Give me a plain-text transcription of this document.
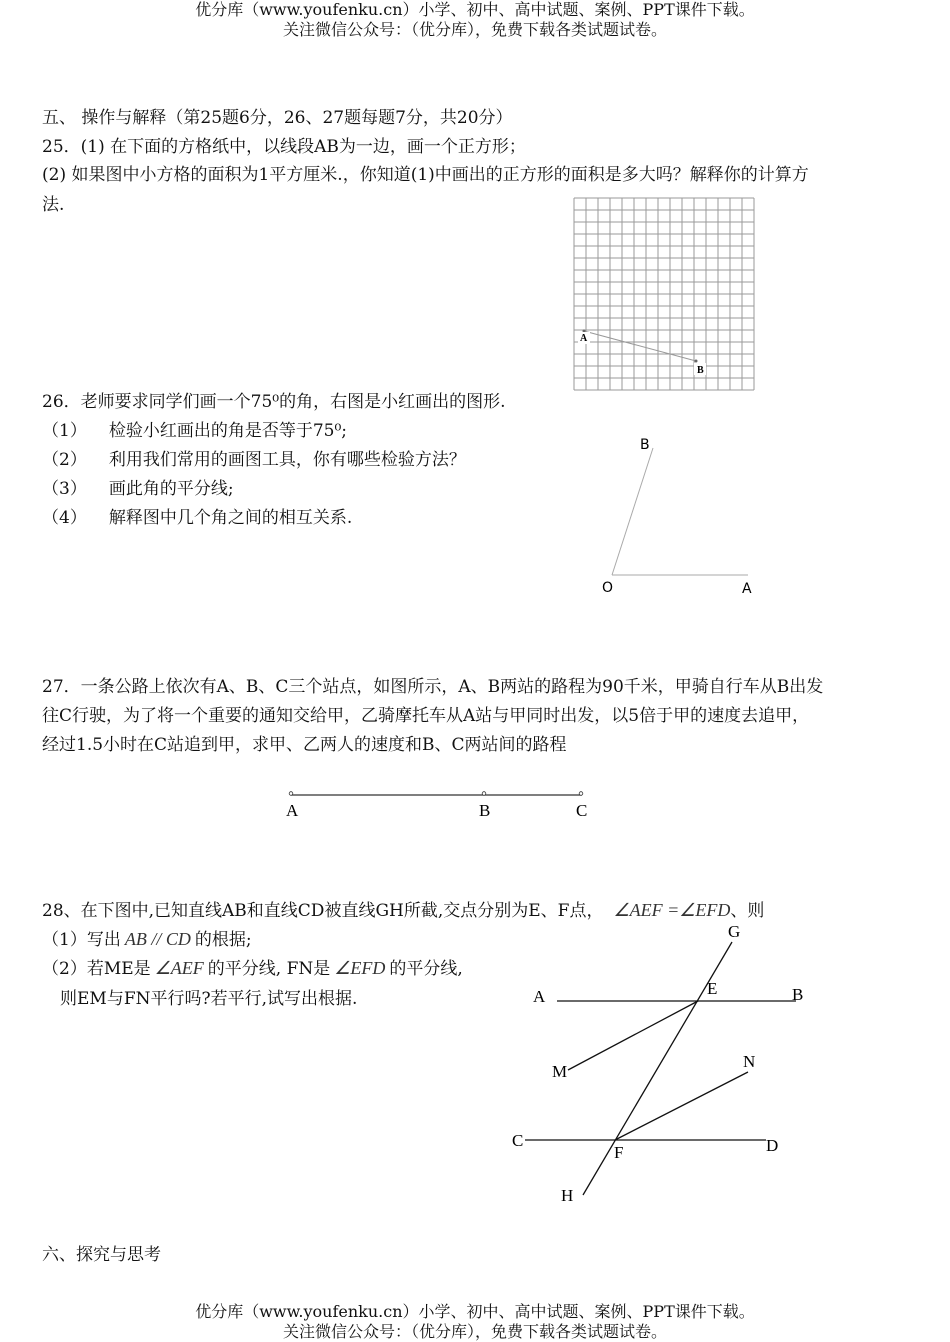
优分库（www.youfenku.cn）小学、初中、高中试题、案例、PPT课件下载。
关注微信公众号：（优分库），免费下载各类试题试卷。
五、 操作与解释（第25题6分，26、27题每题7分，共20分）
25．(1) 在下面的方格纸中，以线段AB为一边，画一个正方形；
(2) 如果图中小方格的面积为1平方厘米.，你知道(1)中画出的正方形的面积是多大吗？解释你的计算方
法.
A
B
26．老师要求同学们画一个75⁰的角，右图是小红画出的图形.
（1） 检验小红画出的角是否等于75⁰;
（2） 利用我们常用的画图工具，你有哪些检验方法？
（3） 画此角的平分线;
（4） 解释图中几个角之间的相互关系.
B
O	A
27．一条公路上依次有A、B、C三个站点，如图所示，A、B两站的路程为90千米，甲骑自行车从B出发
往C行驶，为了将一个重要的通知交给甲，乙骑摩托车从A站与甲同时出发，以5倍于甲的速度去追甲，
经过1.5小时在C站追到甲，求甲、乙两人的速度和B、C两站间的路程
A	B	C
28、在下图中,已知直线AB和直线CD被直线GH所截,交点分别为E、F点， ∠AEF =∠EFD、则
（1）写出 AB // CD 的根据;
（2）若ME是 ∠AEF 的平分线, FN是 ∠EFD 的平分线,
则EM与FN平行吗?若平行,试写出根据.
G
A	E	B
M
N
C
F	D
H
六、探究与思考
优分库（www.youfenku.cn）小学、初中、高中试题、案例、PPT课件下载。
关注微信公众号：（优分库），免费下载各类试题试卷。
